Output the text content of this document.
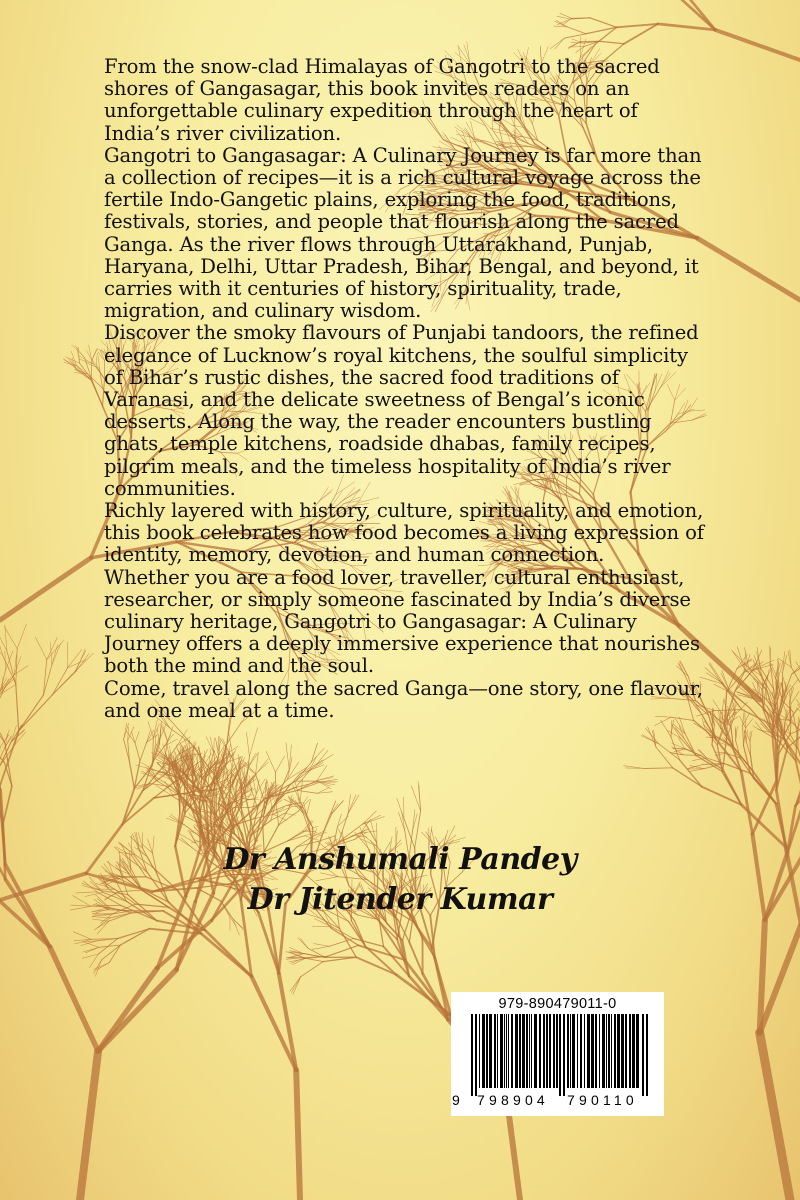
From the snow-clad Himalayas of Gangotri to the sacred shores of Gangasagar, this book invites readers on an unforgettable culinary expedition through the heart of India’s river civilization.

Gangotri to Gangasagar: A Culinary Journey is far more than a collection of recipes—it is a rich cultural voyage across the fertile Indo-Gangetic plains, exploring the food, traditions, festivals, stories, and people that flourish along the sacred Ganga. As the river flows through Uttarakhand, Punjab, Haryana, Delhi, Uttar Pradesh, Bihar, Bengal, and beyond, it carries with it centuries of history, spirituality, trade, migration, and culinary wisdom.

Discover the smoky flavours of Punjabi tandoors, the refined elegance of Lucknow’s royal kitchens, the soulful simplicity of Bihar’s rustic dishes, the sacred food traditions of Varanasi, and the delicate sweetness of Bengal’s iconic desserts. Along the way, the reader encounters bustling ghats, temple kitchens, roadside dhabas, family recipes, pilgrim meals, and the timeless hospitality of India’s river communities.

Richly layered with history, culture, spirituality, and emotion, this book celebrates how food becomes a living expression of identity, memory, devotion, and human connection.

Whether you are a food lover, traveller, cultural enthusiast, researcher, or simply someone fascinated by India’s diverse culinary heritage, Gangotri to Gangasagar: A Culinary Journey offers a deeply immersive experience that nourishes both the mind and the soul.

Come, travel along the sacred Ganga—one story, one flavour, and one meal at a time.

Dr Anshumali Pandey
Dr Jitender Kumar
979-890479011-0
9 798904 790110
